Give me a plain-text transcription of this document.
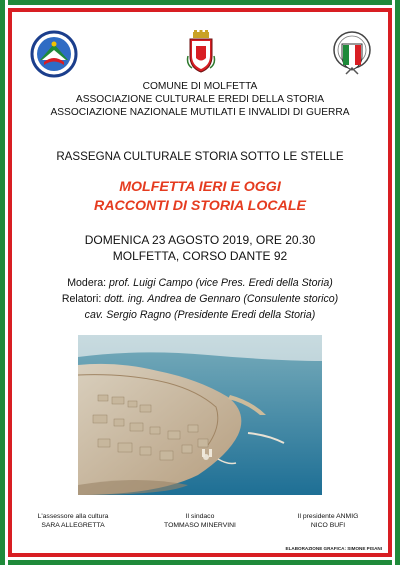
COMUNE DI MOLFETTA
ASSOCIAZIONE CULTURALE EREDI DELLA STORIA
ASSOCIAZIONE NAZIONALE MUTILATI E INVALIDI DI GUERRA
RASSEGNA CULTURALE STORIA SOTTO LE STELLE
MOLFETTA IERI E OGGI
RACCONTI DI STORIA LOCALE
DOMENICA 23 AGOSTO 2019, ORE 20.30
MOLFETTA, CORSO DANTE 92
Modera: prof. Luigi Campo (vice Pres. Eredi della Storia)
Relatori: dott. ing. Andrea de Gennaro (Consulente storico)
cav. Sergio Ragno (Presidente Eredi della Storia)
L'assessore alla cultura
SARA ALLEGRETTA
Il sindaco
TOMMASO MINERVINI
Il presidente ANMIG
NICO BUFI
ELABORAZIONE GRAFICA: SIMONE PISANI
